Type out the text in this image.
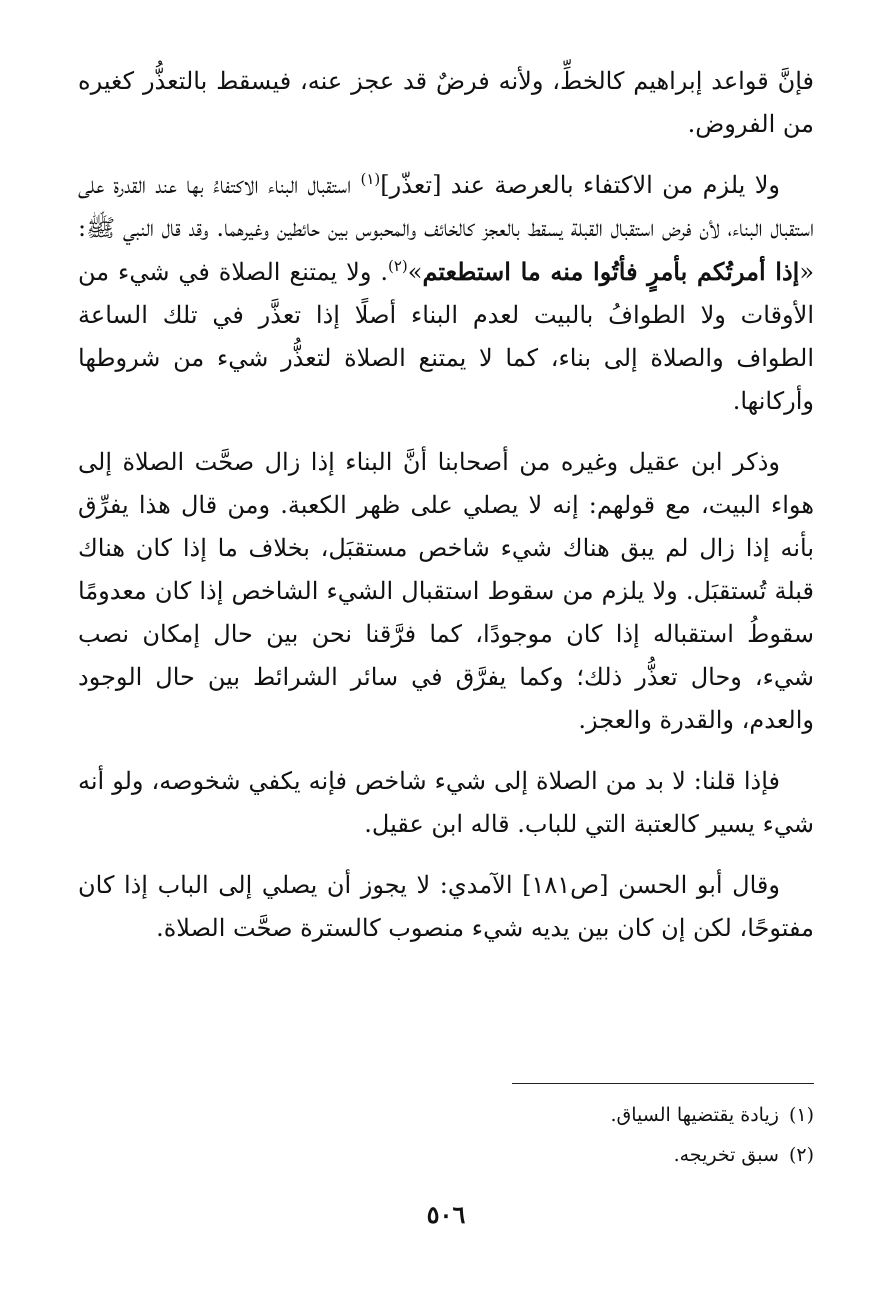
فإنَّ قواعد إبراهيم كالخطِّ، ولأنه فرضٌ قد عجز عنه، فيسقط بالتعذُّر كغيره من الفروض.

ولا يلزم من الاكتفاء بالعرصة عند [تعذّر]$^{(١)}$ استقبال البناء الاكتفاءُ بها عند القدرة على استقبال البناء، لأن فرض استقبال القبلة يسقط بالعجز كالخائف والمحبوس بين حائطين وغيرهما. وقد قال النبي ﷺ: «إذا أمرتُكم بأمرٍ فأتُوا منه ما استطعتم»$^{(٢)}$. ولا يمتنع الصلاة في شيء من الأوقات ولا الطوافُ بالبيت لعدم البناء أصلًا إذا تعذَّر في تلك الساعة الطواف والصلاة إلى بناء، كما لا يمتنع الصلاة لتعذُّر شيء من شروطها وأركانها.

وذكر ابن عقيل وغيره من أصحابنا أنَّ البناء إذا زال صحَّت الصلاة إلى هواء البيت، مع قولهم: إنه لا يصلي على ظهر الكعبة. ومن قال هذا يفرِّق بأنه إذا زال لم يبق هناك شيء شاخص مستقبَل، بخلاف ما إذا كان هناك قبلة تُستقبَل. ولا يلزم من سقوط استقبال الشيء الشاخص إذا كان معدومًا سقوطُ استقباله إذا كان موجودًا، كما فرَّقنا نحن بين حال إمكان نصب شيء، وحال تعذُّر ذلك؛ وكما يفرَّق في سائر الشرائط بين حال الوجود والعدم، والقدرة والعجز.

فإذا قلنا: لا بد من الصلاة إلى شيء شاخص فإنه يكفي شخوصه، ولو أنه شيء يسير كالعتبة التي للباب. قاله ابن عقيل.

وقال أبو الحسن [ص١٨١] الآمدي: لا يجوز أن يصلي إلى الباب إذا كان مفتوحًا، لكن إن كان بين يديه شيء منصوب كالسترة صحَّت الصلاة.

(١)زيادة يقتضيها السياق.

(٢)سبق تخريجه.

٥٠٦
